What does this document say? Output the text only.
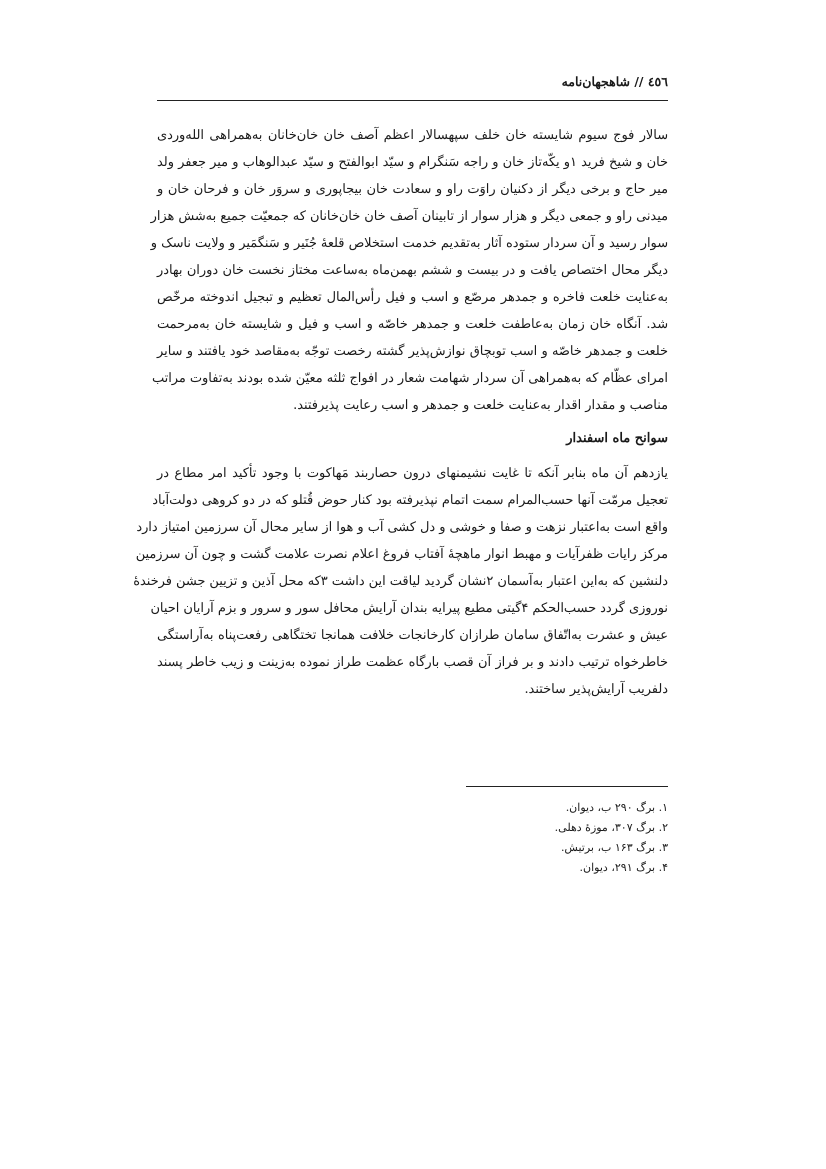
٤٥٦ // شاهجهان‌نامه
سالار فوج سیوم شایسته خان خلف سپهسالار اعظم آصف خان خان‌خانان به‌همراهی الله‌وردی
خان و شیخ فرید ۱و یکّه‌تاز خان و راجه سَنگرام و سیّد ابوالفتح و سیّد عبدالوهاب و میر جعفر ولد
میر حاج و برخی دیگر از دکنیان راوَت راو و سعادت خان بیجاپوری و سروَر خان و فرحان خان و
میدنی راو و جمعی دیگر و هزار سوار از تابینان آصف خان خان‌خانان که جمعیّت جمیع به‌شش هزار
سوار رسید و آن سردار ستوده آثار به‌تقدیم خدمت استخلاص قلعهٔ جُنَیر و سَنگمَیر و ولایت ناسک و
دیگر محال اختصاص یافت و در بیست و ششم بهمن‌ماه به‌ساعت مختاز نخست خان دوران بهادر
به‌عنایت خلعت فاخره و جمدهر مرصّع و اسب و فیل رأس‌المال تعظیم و تبجیل اندوخته مرخّص
شد. آنگاه خان زمان به‌عاطفت خلعت و جمدهر خاصّه و اسب و فیل و شایسته خان به‌مرحمت
خلعت و جمدهر خاصّه و اسب توبچاق نوازش‌پذیر گشته رخصت توجّه به‌مقاصد خود یافتند و سایر
امرای عظّام که به‌همراهی آن سردار شهامت شعار در افواج ثلثه معیّن شده بودند به‌تفاوت مراتب
مناصب و مقدار اقدار به‌عنایت خلعت و جمدهر و اسب رعایت پذیرفتند.
سوانح ماه اسفندار
یازدهم آن ماه بنابر آنکه تا غایت نشیمنهای درون حصاربند مَهاکوت با وجود تأکید امر مطاع در
تعجیل مرمّت آنها حسب‌المرام سمت اتمام نپذیرفته بود کنار حوض قُتلو که در دو کروهی دولت‌آباد
واقع است به‌اعتبار نزهت و صفا و خوشی و دل کشی آب و هوا از سایر محال آن سرزمین امتیاز دارد
مرکز رایات ظفرآیات و مهبط انوار ماهچهٔ آفتاب فروغ اعلام نصرت علامت گشت و چون آن سرزمین
دلنشین که به‌این اعتبار به‌آسمان ۲نشان گردید لیاقت این داشت ۳که محل آذین و تزیین جشن فرخندهٔ
نوروزی گردد حسب‌الحکم ۴گیتی مطیع پیرایه بندان آرایش محافل سور و سرور و بزم آرایان احیان
عیش و عشرت به‌اتّفاق سامان طرازان کارخانجات خلافت همانجا تختگاهی رفعت‌پناه به‌آراستگی
خاطرخواه ترتیب دادند و بر فراز آن قصب بارگاه عظمت طراز نموده به‌زینت و زیب خاطر پسند
دلفریب آرایش‌پذیر ساختند.
۱. برگ ۲۹۰ ب، دیوان.
۲. برگ ۳۰۷، موزهٔ دهلی.
۳. برگ ۱۶۳ ب، برتیش.
۴. برگ ۲۹۱، دیوان.
